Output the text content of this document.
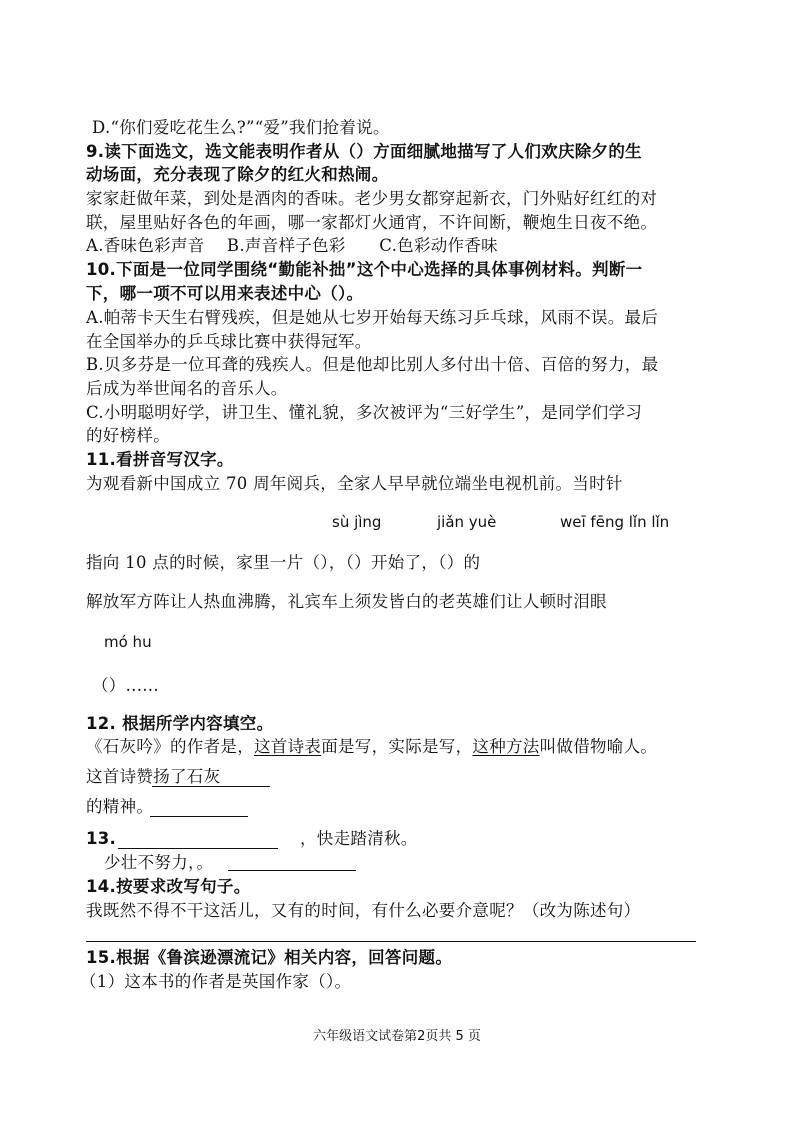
D.“你们爱吃花生么?”“爱”我们抢着说。
9.读下面选文，选文能表明作者从（）方面细腻地描写了人们欢庆除夕的生
动场面，充分表现了除夕的红火和热闹。
家家赶做年菜，到处是酒肉的香味。老少男女都穿起新衣，门外贴好红红的对
联，屋里贴好各色的年画，哪一家都灯火通宵，不许间断，鞭炮生日夜不绝。
A.香味色彩声音　 B.声音样子色彩　　C.色彩动作香味
10.下面是一位同学围绕“勤能补拙”这个中心选择的具体事例材料。判断一
下，哪一项不可以用来表述中心（）。
A.帕蒂卡天生右臂残疾，但是她从七岁开始每天练习乒乓球，风雨不误。最后
在全国举办的乒乓球比赛中获得冠军。
B.贝多芬是一位耳聋的残疾人。但是他却比别人多付出十倍、百倍的努力，最
后成为举世闻名的音乐人。
C.小明聪明好学，讲卫生、懂礼貌，多次被评为“三好学生”，是同学们学习
的好榜样。
11.看拼音写汉字。
为观看新中国成立 70 周年阅兵，全家人早早就位端坐电视机前。当时针
sù jìng	jiǎn yuè	weī fēng lǐn lǐn
指向 10 点的时候，家里一片（），（）开始了，（）的
解放军方阵让人热血沸腾，礼宾车上须发皆白的老英雄们让人顿时泪眼
mó hu
（）......
12. 根据所学内容填空。
《石灰吟》的作者是，这首诗表面是写，实际是写，这种方法叫做借物喻人。
这首诗赞扬了石灰
的精神。
13.	，快走踏清秋。
少壮不努力，。
14.按要求改写句子。
我既然不得不干这活儿，又有的时间，有什么必要介意呢？（改为陈述句）
15.根据《鲁滨逊漂流记》相关内容，回答问题。
（1）这本书的作者是英国作家（）。
六年级语文试卷第2页共 5 页
